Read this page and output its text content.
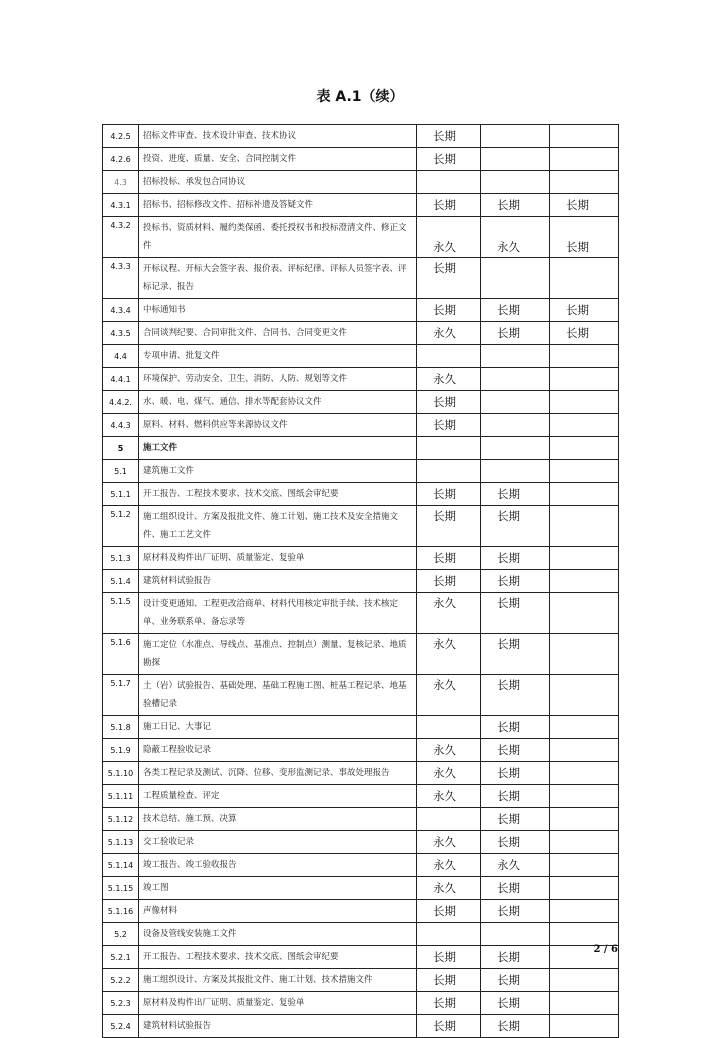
表 A.1（续）
4.2.5	招标文件审查、技术设计审查、技术协议	长期		
4.2.6	投资、进度、质量、安全、合同控制文件	长期		
4.3	招标投标、承发包合同协议			
4.3.1	招标书、招标修改文件、招标补遗及答疑文件	长期	长期	长期
4.3.2	投标书、资质材料、履约类保函、委托授权书和投标澄清文件、修正文件	永久	永久	长期
4.3.3	开标议程、开标大会签字表、报价表、评标纪律、评标人员签字表、评标记录、报告	长期		
4.3.4	中标通知书	长期	长期	长期
4.3.5	合同谈判纪要、合同审批文件、合同书、合同变更文件	永久	长期	长期
4.4	专项申请、批复文件			
4.4.1	环境保护、劳动安全、卫生、消防、人防、规划等文件	永久		
4.4.2.	水、暖、电、煤气、通信、排水等配套协议文件	长期		
4.4.3	原料、材料、燃料供应等来源协议文件	长期		
5	施工文件			
5.1	建筑施工文件			
5.1.1	开工报告、工程技术要求、技术交底、图纸会审纪要	长期	长期	
5.1.2	施工组织设计、方案及报批文件、施工计划、施工技术及安全措施文件、施工工艺文件	长期	长期	
5.1.3	原材料及构件出厂证明、质量鉴定、复验单	长期	长期	
5.1.4	建筑材料试验报告	长期	长期	
5.1.5	设计变更通知、工程更改洽商单、材料代用核定审批手续、技术核定单、业务联系单、备忘录等	永久	长期	
5.1.6	施工定位（水准点、导线点、基准点、控制点）测量、复核记录、地质勘探	永久	长期	
5.1.7	土（岩）试验报告、基础处理、基础工程施工图、桩基工程记录、地基验槽记录	永久	长期	
5.1.8	施工日记、大事记		长期	
5.1.9	隐蔽工程验收记录	永久	长期	
5.1.10	各类工程记录及测试、沉降、位移、变形监测记录、事故处理报告	永久	长期	
5.1.11	工程质量检查、评定	永久	长期	
5.1.12	技术总结、施工预、决算		长期	
5.1.13	交工验收记录	永久	长期	
5.1.14	竣工报告、竣工验收报告	永久	永久	
5.1.15	竣工图	永久	长期	
5.1.16	声像材料	长期	长期	
5.2	设备及管线安装施工文件			
5.2.1	开工报告、工程技术要求、技术交底、图纸会审纪要	长期	长期	
5.2.2	施工组织设计、方案及其报批文件、施工计划、技术措施文件	长期	长期	
5.2.3	原材料及构件出厂证明、质量鉴定、复验单	长期	长期	
5.2.4	建筑材料试验报告	长期	长期	
2 / 6
